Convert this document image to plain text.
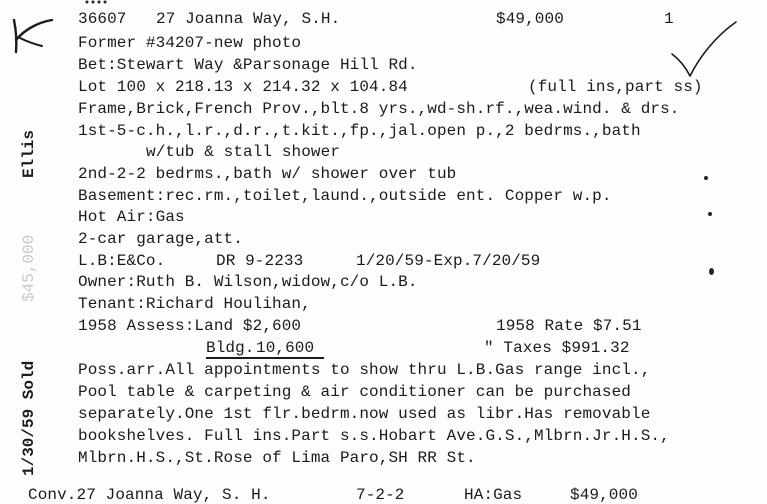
Ellis
$45,000
1/30/59 Sold
36607 27 Joanna Way, S.H.	$49,000	1
Former #34207-new photo
Bet:Stewart Way &Parsonage Hill Rd.
Lot 100 x 218.13 x 214.32 x 104.84	(full ins,part ss)
Frame,Brick,French Prov.,blt.8 yrs.,wd-sh.rf.,wea.wind. & drs.
1st-5-c.h.,l.r.,d.r.,t.kit.,fp.,jal.open p.,2 bedrms.,bath
w/tub & stall shower
2nd-2-2 bedrms.,bath w/ shower over tub
Basement:rec.rm.,toilet,laund.,outside ent. Copper w.p.
Hot Air:Gas
2-car garage,att.
L.B:E&Co.	DR 9-2233	1/20/59-Exp.7/20/59
Owner:Ruth B. Wilson,widow,c/o L.B.
Tenant:Richard Houlihan,
1958 Assess:Land $2,600	1958 Rate $7.51
Bldg. 10,600	" Taxes $991.32
Poss.arr.All appointments to show thru L.B.Gas range incl.,
Pool table & carpeting & air conditioner can be purchased
separately.One 1st flr.bedrm.now used as libr.Has removable
bookshelves. Full ins.Part s.s.Hobart Ave.G.S.,Mlbrn.Jr.H.S.,
Mlbrn.H.S.,St.Rose of Lima Paro,SH RR St.
Conv.27 Joanna Way, S. H.	7-2-2	HA:Gas	$49,000
